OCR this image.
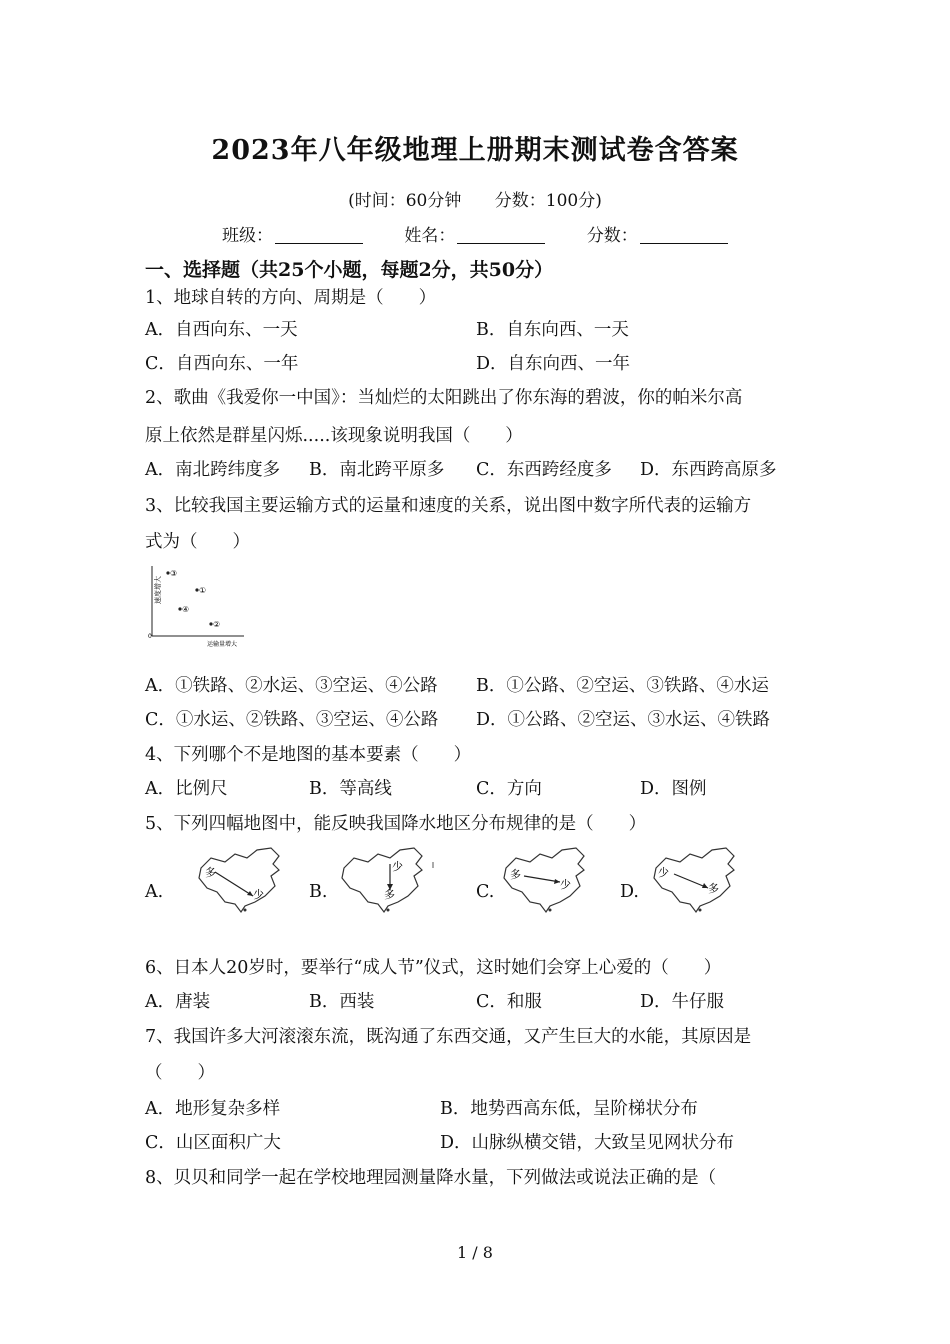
2023年八年级地理上册期末测试卷含答案
(时间：60分钟 分数：100分)
班级：	姓名：	分数：
一、选择题（共25个小题，每题2分，共50分）
1、地球自转的方向、周期是（　　）
A．自西向东、一天	B．自东向西、一天
C．自西向东、一年	D．自东向西、一年
2、歌曲《我爱你一中国》：当灿烂的太阳跳出了你东海的碧波，你的帕米尔高
原上依然是群星闪烁.....该现象说明我国（　　）
A．南北跨纬度多 B．南北跨平原多 C．东西跨经度多 D．东西跨高原多
3、比较我国主要运输方式的运量和速度的关系，说出图中数字所代表的运输方
式为（　　）
速度增大
运输量增大
0
③
①
④
②
A．①铁路、②水运、③空运、④公路 B．①公路、②空运、③铁路、④水运
C．①水运、②铁路、③空运、④公路 D．①公路、②空运、③水运、④铁路
4、下列哪个不是地图的基本要素（　　）
A．比例尺	B．等高线	C．方向	D．图例
5、下列四幅地图中，能反映我国降水地区分布规律的是（　　）
A.
多
少	B.
少
多	C.
多
少	D.
少
多
6、日本人20岁时，要举行“成人节”仪式，这时她们会穿上心爱的（　　）
A．唐装	B．西装	C．和服	D．牛仔服
7、我国许多大河滚滚东流，既沟通了东西交通，又产生巨大的水能，其原因是
（　　）
A．地形复杂多样	B．地势西高东低，呈阶梯状分布
C．山区面积广大	D．山脉纵横交错，大致呈见网状分布
8、贝贝和同学一起在学校地理园测量降水量，下列做法或说法正确的是（
1 / 8
